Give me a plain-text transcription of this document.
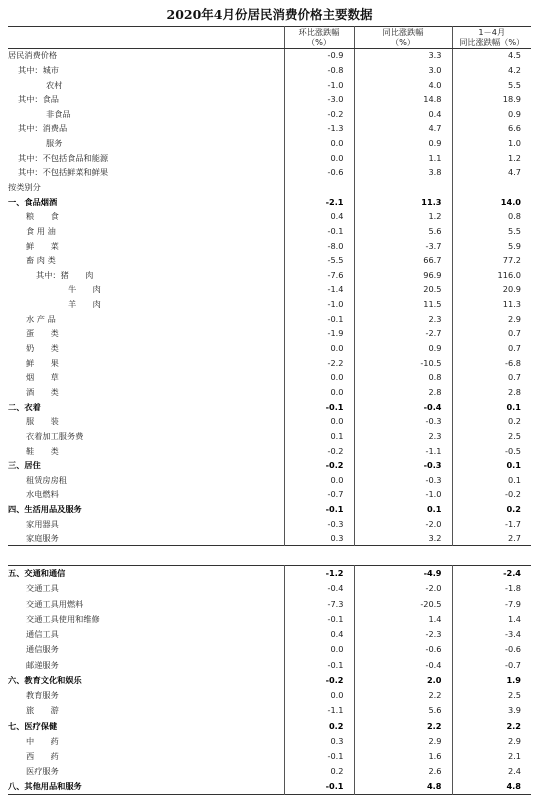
2020年4月份居民消费价格主要数据
	环比涨跌幅
（%）	同比涨跌幅
（%）	1－4月
同比涨跌幅（%）
居民消费价格	-0.9	3.3	4.5
其中：城市	-0.8	3.0	4.2
农村	-1.0	4.0	5.5
其中：食品	-3.0	14.8	18.9
非食品	-0.2	0.4	0.9
其中：消费品	-1.3	4.7	6.6
服务	0.0	0.9	1.0
其中：不包括食品和能源	0.0	1.1	1.2
其中：不包括鲜菜和鲜果	-0.6	3.8	4.7
按类别分			
一、食品烟酒	-2.1	11.3	14.0
粮　　食	0.4	1.2	0.8
食 用 油	-0.1	5.6	5.5
鲜　　菜	-8.0	-3.7	5.9
畜 肉 类	-5.5	66.7	77.2
其中：猪　　肉	-7.6	96.9	116.0
牛　　肉	-1.4	20.5	20.9
羊　　肉	-1.0	11.5	11.3
水 产 品	-0.1	2.3	2.9
蛋　　类	-1.9	-2.7	0.7
奶　　类	0.0	0.9	0.7
鲜　　果	-2.2	-10.5	-6.8
烟　　草	0.0	0.8	0.7
酒　　类	0.0	2.8	2.8
二、衣着	-0.1	-0.4	0.1
服　　装	0.0	-0.3	0.2
衣着加工服务费	0.1	2.3	2.5
鞋　　类	-0.2	-1.1	-0.5
三、居住	-0.2	-0.3	0.1
租赁房房租	0.0	-0.3	0.1
水电燃料	-0.7	-1.0	-0.2
四、生活用品及服务	-0.1	0.1	0.2
家用器具	-0.3	-2.0	-1.7
家庭服务	0.3	3.2	2.7
五、交通和通信	-1.2	-4.9	-2.4
交通工具	-0.4	-2.0	-1.8
交通工具用燃料	-7.3	-20.5	-7.9
交通工具使用和维修	-0.1	1.4	1.4
通信工具	0.4	-2.3	-3.4
通信服务	0.0	-0.6	-0.6
邮递服务	-0.1	-0.4	-0.7
六、教育文化和娱乐	-0.2	2.0	1.9
教育服务	0.0	2.2	2.5
旅　　游	-1.1	5.6	3.9
七、医疗保健	0.2	2.2	2.2
中　　药	0.3	2.9	2.9
西　　药	-0.1	1.6	2.1
医疗服务	0.2	2.6	2.4
八、其他用品和服务	-0.1	4.8	4.8
